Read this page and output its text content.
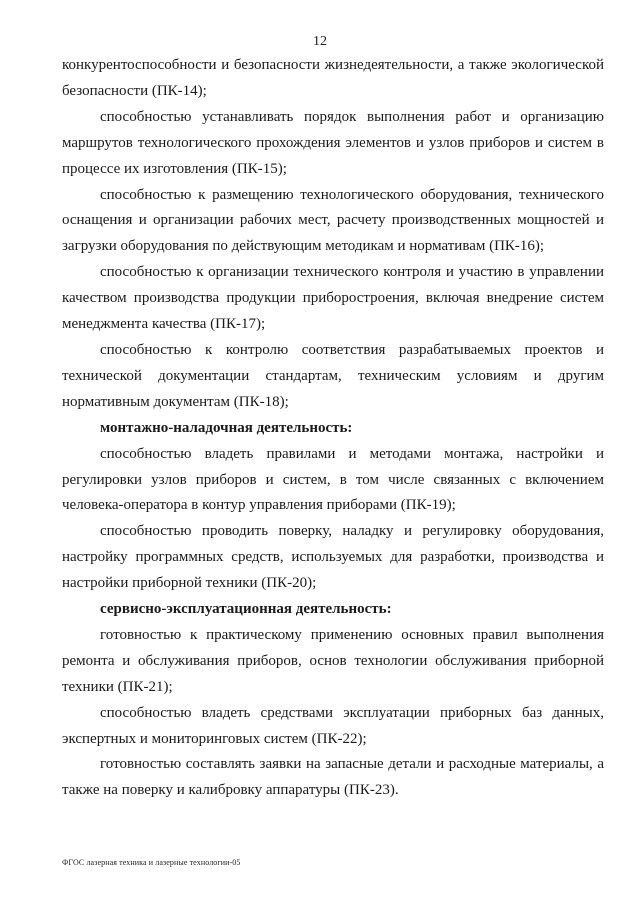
12

конкурентоспособности и безопасности жизнедеятельности, а также экологической безопасности (ПК-14);

способностью устанавливать порядок выполнения работ и организацию маршрутов технологического прохождения элементов и узлов приборов и систем в процессе их изготовления (ПК-15);

способностью к размещению технологического оборудования, технического оснащения и организации рабочих мест, расчету производственных мощностей и загрузки оборудования по действующим методикам и нормативам (ПК-16);

способностью к организации технического контроля и участию в управлении качеством производства продукции приборостроения, включая внедрение систем менеджмента качества (ПК-17);

способностью к контролю соответствия разрабатываемых проектов и технической документации стандартам, техническим условиям и другим нормативным документам (ПК-18);

монтажно-наладочная деятельность:

способностью владеть правилами и методами монтажа, настройки и регулировки узлов приборов и систем, в том числе связанных с включением человека-оператора в контур управления приборами (ПК-19);

способностью проводить поверку, наладку и регулировку оборудования, настройку программных средств, используемых для разработки, производства и настройки приборной техники (ПК-20);

сервисно-эксплуатационная деятельность:

готовностью к практическому применению основных правил выполнения ремонта и обслуживания приборов, основ технологии обслуживания приборной техники (ПК-21);

способностью владеть средствами эксплуатации приборных баз данных, экспертных и мониторинговых систем (ПК-22);

готовностью составлять заявки на запасные детали и расходные материалы, а также на поверку и калибровку аппаратуры (ПК-23).

ФГОС лазерная техника и лазерные технологии-05
